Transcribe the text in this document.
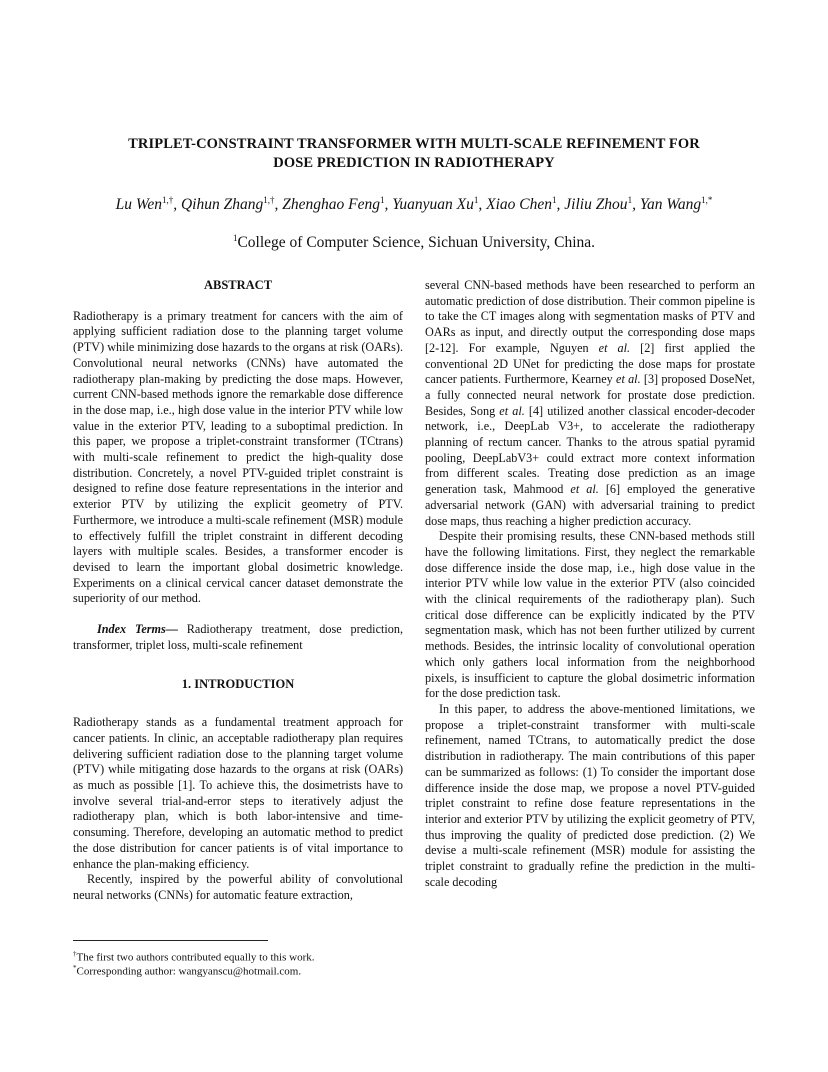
TRIPLET-CONSTRAINT TRANSFORMER WITH MULTI-SCALE REFINEMENT FOR
DOSE PREDICTION IN RADIOTHERAPY
Lu Wen$^{1,\dagger}$, Qihun Zhang$^{1,\dagger}$, Zhenghao Feng$^1$, Yuanyuan Xu$^1$, Xiao Chen$^1$, Jiliu Zhou$^1$, Yan Wang$^{1,*}$
$^1$College of Computer Science, Sichuan University, China.
ABSTRACT

Radiotherapy is a primary treatment for cancers with the aim of applying sufficient radiation dose to the planning target volume (PTV) while minimizing dose hazards to the organs at risk (OARs). Convolutional neural networks (CNNs) have automated the radiotherapy plan-making by predicting the dose maps. However, current CNN-based methods ignore the remarkable dose difference in the dose map, i.e., high dose value in the interior PTV while low value in the exterior PTV, leading to a suboptimal prediction. In this paper, we propose a triplet-constraint transformer (TCtrans) with multi-scale refinement to predict the high-quality dose distribution. Concretely, a novel PTV-guided triplet constraint is designed to refine dose feature representations in the interior and exterior PTV by utilizing the explicit geometry of PTV. Furthermore, we introduce a multi-scale refinement (MSR) module to effectively fulfill the triplet constraint in different decoding layers with multiple scales. Besides, a transformer encoder is devised to learn the important global dosimetric knowledge. Experiments on a clinical cervical cancer dataset demonstrate the superiority of our method.

Index Terms— Radiotherapy treatment, dose prediction, transformer, triplet loss, multi-scale refinement

1. INTRODUCTION

Radiotherapy stands as a fundamental treatment approach for cancer patients. In clinic, an acceptable radiotherapy plan requires delivering sufficient radiation dose to the planning target volume (PTV) while mitigating dose hazards to the organs at risk (OARs) as much as possible [1]. To achieve this, the dosimetrists have to involve several trial-and-error steps to iteratively adjust the radiotherapy plan, which is both labor-intensive and time-consuming. Therefore, developing an automatic method to predict the dose distribution for cancer patients is of vital importance to enhance the plan-making efficiency.

Recently, inspired by the powerful ability of convolutional neural networks (CNNs) for automatic feature extraction,

several CNN-based methods have been researched to perform an automatic prediction of dose distribution. Their common pipeline is to take the CT images along with segmentation masks of PTV and OARs as input, and directly output the corresponding dose maps [2-12]. For example, Nguyen et al. [2] first applied the conventional 2D UNet for predicting the dose maps for prostate cancer patients. Furthermore, Kearney et al. [3] proposed DoseNet, a fully connected neural network for prostate dose prediction. Besides, Song et al. [4] utilized another classical encoder-decoder network, i.e., DeepLab V3+, to accelerate the radiotherapy planning of rectum cancer. Thanks to the atrous spatial pyramid pooling, DeepLabV3+ could extract more context information from different scales. Treating dose prediction as an image generation task, Mahmood et al. [6] employed the generative adversarial network (GAN) with adversarial training to predict dose maps, thus reaching a higher prediction accuracy.

Despite their promising results, these CNN-based methods still have the following limitations. First, they neglect the remarkable dose difference inside the dose map, i.e., high dose value in the interior PTV while low value in the exterior PTV (also coincided with the clinical requirements of the radiotherapy plan). Such critical dose difference can be explicitly indicated by the PTV segmentation mask, which has not been further utilized by current methods. Besides, the intrinsic locality of convolutional operation which only gathers local information from the neighborhood pixels, is insufficient to capture the global dosimetric information for the dose prediction task.

In this paper, to address the above-mentioned limitations, we propose a triplet-constraint transformer with multi-scale refinement, named TCtrans, to automatically predict the dose distribution in radiotherapy. The main contributions of this paper can be summarized as follows: (1) To consider the important dose difference inside the dose map, we propose a novel PTV-guided triplet constraint to refine dose feature representations in the interior and exterior PTV by utilizing the explicit geometry of PTV, thus improving the quality of predicted dose prediction. (2) We devise a multi-scale refinement (MSR) module for assisting the triplet constraint to gradually refine the prediction in the multi-scale decoding

†The first two authors contributed equally to this work.
*Corresponding author: wangyanscu@hotmail.com.
